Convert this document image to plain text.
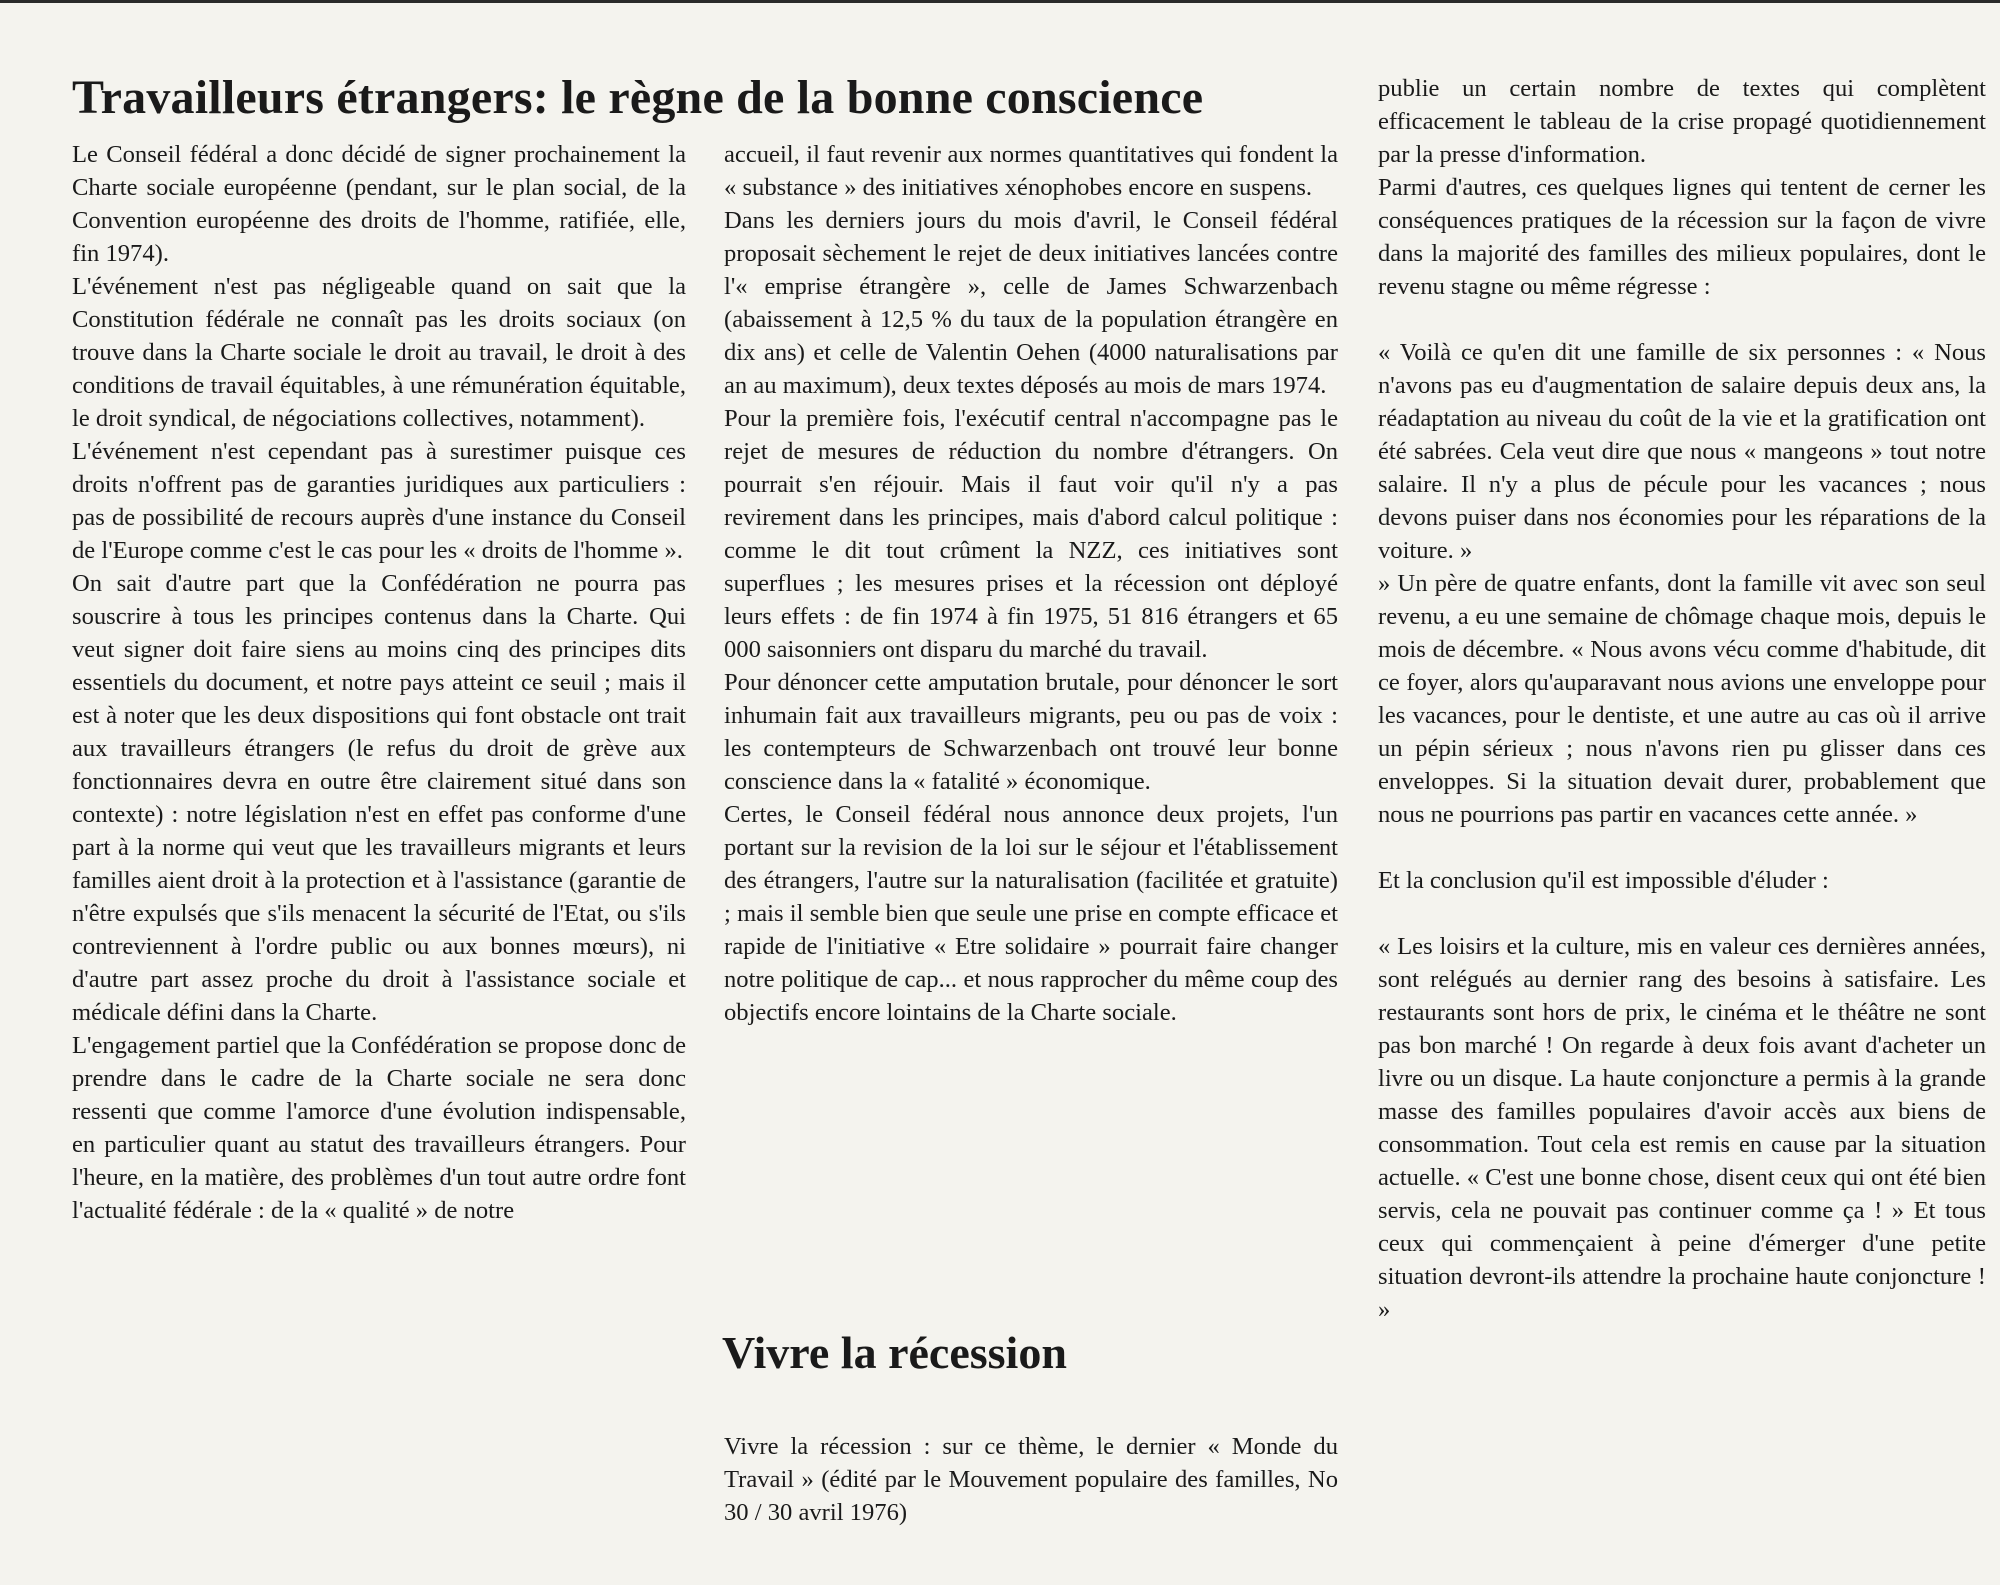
Travailleurs étrangers: le règne de la bonne conscience

Le Conseil fédéral a donc décidé de signer prochainement la Charte sociale européenne (pendant, sur le plan social, de la Convention européenne des droits de l'homme, ratifiée, elle, fin 1974).

L'événement n'est pas négligeable quand on sait que la Constitution fédérale ne connaît pas les droits sociaux (on trouve dans la Charte sociale le droit au travail, le droit à des conditions de travail équitables, à une rémunération équitable, le droit syndical, de négociations collectives, notamment).

L'événement n'est cependant pas à surestimer puisque ces droits n'offrent pas de garanties juridiques aux particuliers : pas de possibilité de recours auprès d'une instance du Conseil de l'Europe comme c'est le cas pour les « droits de l'homme ».

On sait d'autre part que la Confédération ne pourra pas souscrire à tous les principes contenus dans la Charte. Qui veut signer doit faire siens au moins cinq des principes dits essentiels du document, et notre pays atteint ce seuil ; mais il est à noter que les deux dispositions qui font obstacle ont trait aux travailleurs étrangers (le refus du droit de grève aux fonctionnaires devra en outre être clairement situé dans son contexte) : notre législation n'est en effet pas conforme d'une part à la norme qui veut que les travailleurs migrants et leurs familles aient droit à la protection et à l'assistance (garantie de n'être expulsés que s'ils menacent la sécurité de l'Etat, ou s'ils contreviennent à l'ordre public ou aux bonnes mœurs), ni d'autre part assez proche du droit à l'assistance sociale et médicale défini dans la Charte.

L'engagement partiel que la Confédération se propose donc de prendre dans le cadre de la Charte sociale ne sera donc ressenti que comme l'amorce d'une évolution indispensable, en particulier quant au statut des travailleurs étrangers. Pour l'heure, en la matière, des problèmes d'un tout autre ordre font l'actualité fédérale : de la « qualité » de notre

accueil, il faut revenir aux normes quantitatives qui fondent la « substance » des initiatives xénophobes encore en suspens.

Dans les derniers jours du mois d'avril, le Conseil fédéral proposait sèchement le rejet de deux initiatives lancées contre l'« emprise étrangère », celle de James Schwarzenbach (abaissement à 12,5 % du taux de la population étrangère en dix ans) et celle de Valentin Oehen (4000 naturalisations par an au maximum), deux textes déposés au mois de mars 1974.

Pour la première fois, l'exécutif central n'accompagne pas le rejet de mesures de réduction du nombre d'étrangers. On pourrait s'en réjouir. Mais il faut voir qu'il n'y a pas revirement dans les principes, mais d'abord calcul politique : comme le dit tout crûment la NZZ, ces initiatives sont superflues ; les mesures prises et la récession ont déployé leurs effets : de fin 1974 à fin 1975, 51 816 étrangers et 65 000 saisonniers ont disparu du marché du travail.

Pour dénoncer cette amputation brutale, pour dénoncer le sort inhumain fait aux travailleurs migrants, peu ou pas de voix : les contempteurs de Schwarzenbach ont trouvé leur bonne conscience dans la « fatalité » économique.

Certes, le Conseil fédéral nous annonce deux projets, l'un portant sur la revision de la loi sur le séjour et l'établissement des étrangers, l'autre sur la naturalisation (facilitée et gratuite) ; mais il semble bien que seule une prise en compte efficace et rapide de l'initiative « Etre solidaire » pourrait faire changer notre politique de cap... et nous rapprocher du même coup des objectifs encore lointains de la Charte sociale.

Vivre la récession

Vivre la récession : sur ce thème, le dernier « Monde du Travail » (édité par le Mouvement populaire des familles, No 30 / 30 avril 1976)

publie un certain nombre de textes qui complètent efficacement le tableau de la crise propagé quotidiennement par la presse d'information.

Parmi d'autres, ces quelques lignes qui tentent de cerner les conséquences pratiques de la récession sur la façon de vivre dans la majorité des familles des milieux populaires, dont le revenu stagne ou même régresse :

« Voilà ce qu'en dit une famille de six personnes : « Nous n'avons pas eu d'augmentation de salaire depuis deux ans, la réadaptation au niveau du coût de la vie et la gratification ont été sabrées. Cela veut dire que nous « mangeons » tout notre salaire. Il n'y a plus de pécule pour les vacances ; nous devons puiser dans nos économies pour les réparations de la voiture. »

» Un père de quatre enfants, dont la famille vit avec son seul revenu, a eu une semaine de chômage chaque mois, depuis le mois de décembre. « Nous avons vécu comme d'habitude, dit ce foyer, alors qu'auparavant nous avions une enveloppe pour les vacances, pour le dentiste, et une autre au cas où il arrive un pépin sérieux ; nous n'avons rien pu glisser dans ces enveloppes. Si la situation devait durer, probablement que nous ne pourrions pas partir en vacances cette année. »

Et la conclusion qu'il est impossible d'éluder :

« Les loisirs et la culture, mis en valeur ces dernières années, sont relégués au dernier rang des besoins à satisfaire. Les restaurants sont hors de prix, le cinéma et le théâtre ne sont pas bon marché ! On regarde à deux fois avant d'acheter un livre ou un disque. La haute conjoncture a permis à la grande masse des familles populaires d'avoir accès aux biens de consommation. Tout cela est remis en cause par la situation actuelle. « C'est une bonne chose, disent ceux qui ont été bien servis, cela ne pouvait pas continuer comme ça ! » Et tous ceux qui commençaient à peine d'émerger d'une petite situation devront-ils attendre la prochaine haute conjoncture ! »
